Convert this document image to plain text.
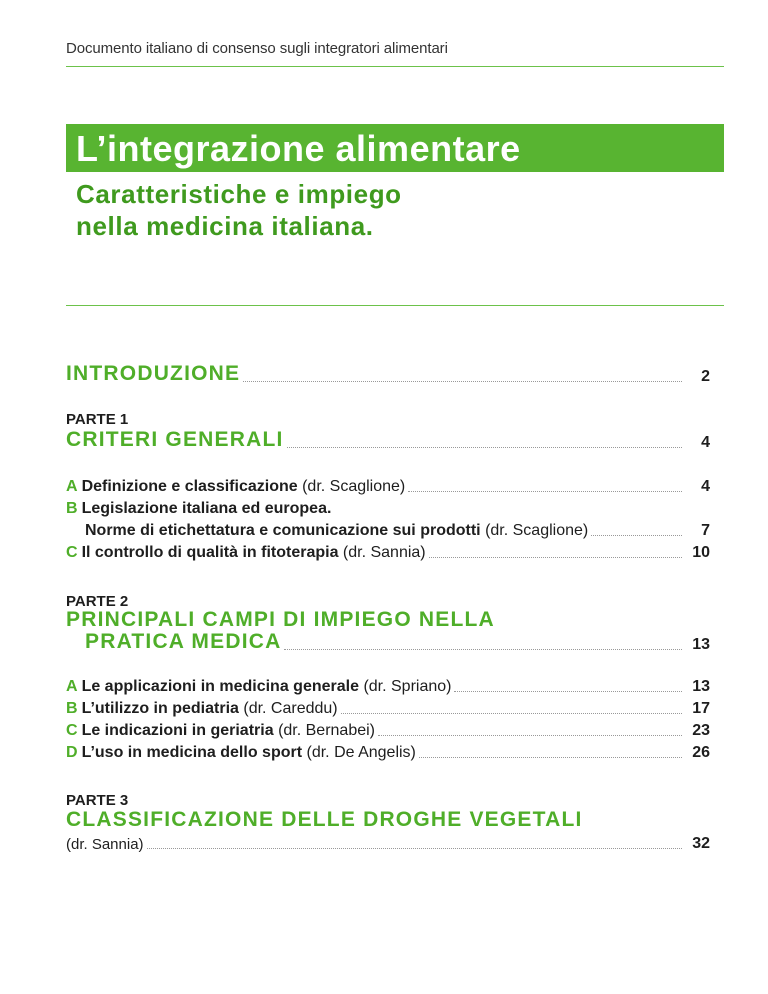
Documento italiano di consenso sugli integratori alimentari
L’integrazione alimentare
Caratteristiche e impiego
nella medicina italiana.
INTRODUZIONE	2
PARTE 1
CRITERI GENERALI	4
A Definizione e classificazione
(dr. Scaglione)	4
B Legislazione italiana ed europea.
Norme di etichettatura e comunicazione sui prodotti
(dr. Scaglione)	7
C Il controllo di qualità in fitoterapia
(dr. Sannia)	10
PARTE 2
PRINCIPALI CAMPI DI IMPIEGO NELLA
PRATICA MEDICA	13
A Le applicazioni in medicina generale
(dr. Spriano)	13
B L’utilizzo in pediatria
(dr. Careddu)	17
C Le indicazioni in geriatria
(dr. Bernabei)	23
D L’uso in medicina dello sport
(dr. De Angelis)	26
PARTE 3
CLASSIFICAZIONE DELLE DROGHE VEGETALI
(dr. Sannia)	32
